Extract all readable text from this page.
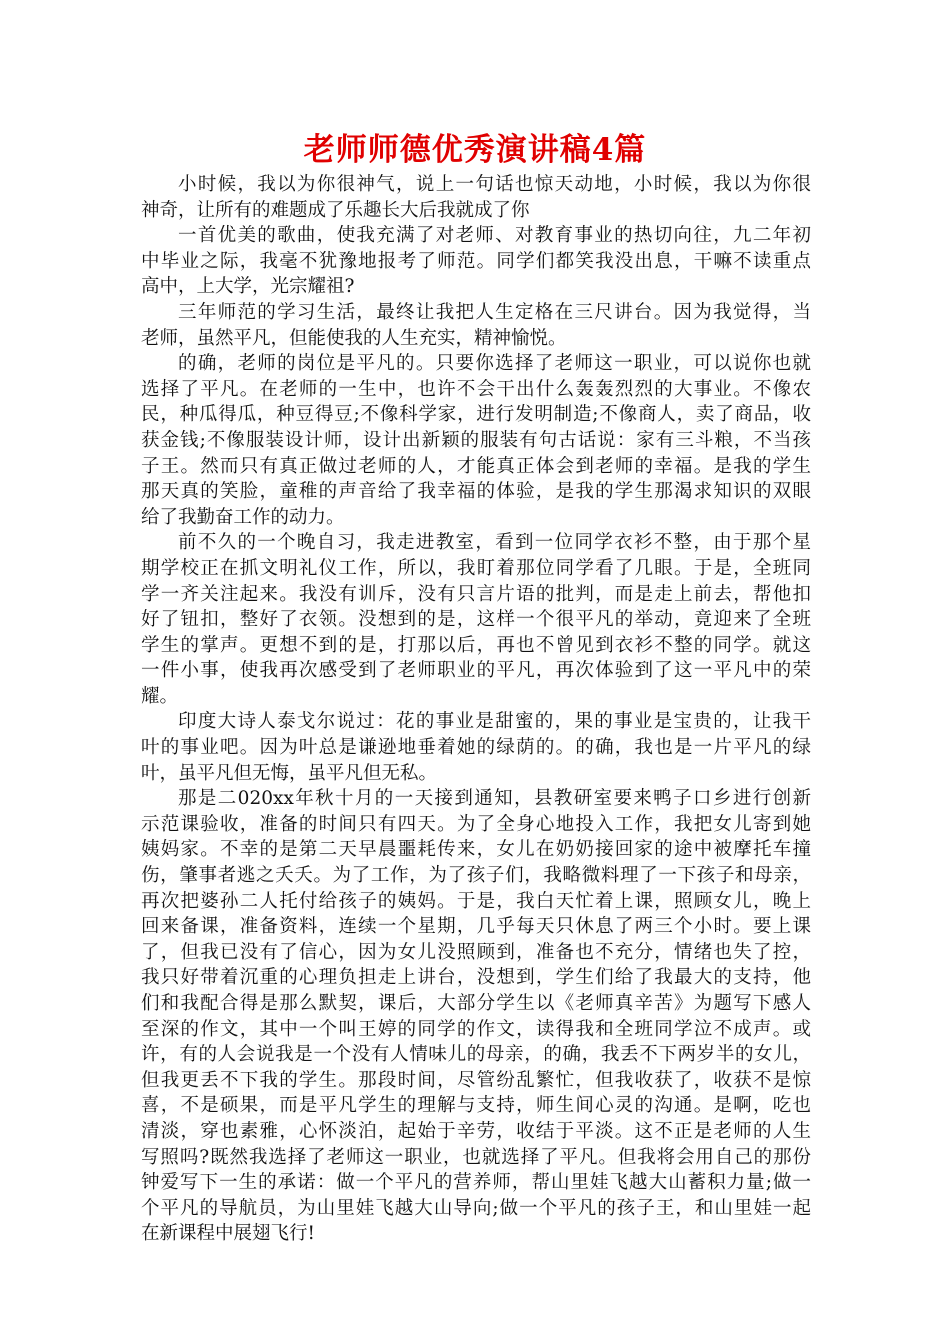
老师师德优秀演讲稿4篇
小时候，我以为你很神气，说上一句话也惊天动地，小时候，我以为你很
神奇，让所有的难题成了乐趣长大后我就成了你
一首优美的歌曲，使我充满了对老师、对教育事业的热切向往，九二年初
中毕业之际，我毫不犹豫地报考了师范。同学们都笑我没出息，干嘛不读重点
高中，上大学，光宗耀祖?
三年师范的学习生活，最终让我把人生定格在三尺讲台。因为我觉得，当
老师，虽然平凡，但能使我的人生充实，精神愉悦。
的确，老师的岗位是平凡的。只要你选择了老师这一职业，可以说你也就
选择了平凡。在老师的一生中，也许不会干出什么轰轰烈烈的大事业。不像农
民，种瓜得瓜，种豆得豆;不像科学家，进行发明制造;不像商人，卖了商品，收
获金钱;不像服装设计师，设计出新颖的服装有句古话说：家有三斗粮，不当孩
子王。然而只有真正做过老师的人，才能真正体会到老师的幸福。是我的学生
那天真的笑脸，童稚的声音给了我幸福的体验，是我的学生那渴求知识的双眼
给了我勤奋工作的动力。
前不久的一个晚自习，我走进教室，看到一位同学衣衫不整，由于那个星
期学校正在抓文明礼仪工作，所以，我盯着那位同学看了几眼。于是，全班同
学一齐关注起来。我没有训斥，没有只言片语的批判，而是走上前去，帮他扣
好了钮扣，整好了衣领。没想到的是，这样一个很平凡的举动，竟迎来了全班
学生的掌声。更想不到的是，打那以后，再也不曾见到衣衫不整的同学。就这
一件小事，使我再次感受到了老师职业的平凡，再次体验到了这一平凡中的荣
耀。
印度大诗人泰戈尔说过：花的事业是甜蜜的，果的事业是宝贵的，让我干
叶的事业吧。因为叶总是谦逊地垂着她的绿荫的。的确，我也是一片平凡的绿
叶，虽平凡但无悔，虽平凡但无私。
那是二020xx年秋十月的一天接到通知，县教研室要来鸭子口乡进行创新
示范课验收，准备的时间只有四天。为了全身心地投入工作，我把女儿寄到她
姨妈家。不幸的是第二天早晨噩耗传来，女儿在奶奶接回家的途中被摩托车撞
伤，肇事者逃之夭夭。为了工作，为了孩子们，我略微料理了一下孩子和母亲，
再次把婆孙二人托付给孩子的姨妈。于是，我白天忙着上课，照顾女儿，晚上
回来备课，准备资料，连续一个星期，几乎每天只休息了两三个小时。要上课
了，但我已没有了信心，因为女儿没照顾到，准备也不充分，情绪也失了控，
我只好带着沉重的心理负担走上讲台，没想到，学生们给了我最大的支持，他
们和我配合得是那么默契，课后，大部分学生以《老师真辛苦》为题写下感人
至深的作文，其中一个叫王婷的同学的作文，读得我和全班同学泣不成声。或
许，有的人会说我是一个没有人情味儿的母亲，的确，我丢不下两岁半的女儿，
但我更丢不下我的学生。那段时间，尽管纷乱繁忙，但我收获了，收获不是惊
喜，不是硕果，而是平凡学生的理解与支持，师生间心灵的沟通。是啊，吃也
清淡，穿也素雅，心怀淡泊，起始于辛劳，收结于平淡。这不正是老师的人生
写照吗?既然我选择了老师这一职业，也就选择了平凡。但我将会用自己的那份
钟爱写下一生的承诺：做一个平凡的营养师，帮山里娃飞越大山蓄积力量;做一
个平凡的导航员，为山里娃飞越大山导向;做一个平凡的孩子王，和山里娃一起
在新课程中展翅飞行!
